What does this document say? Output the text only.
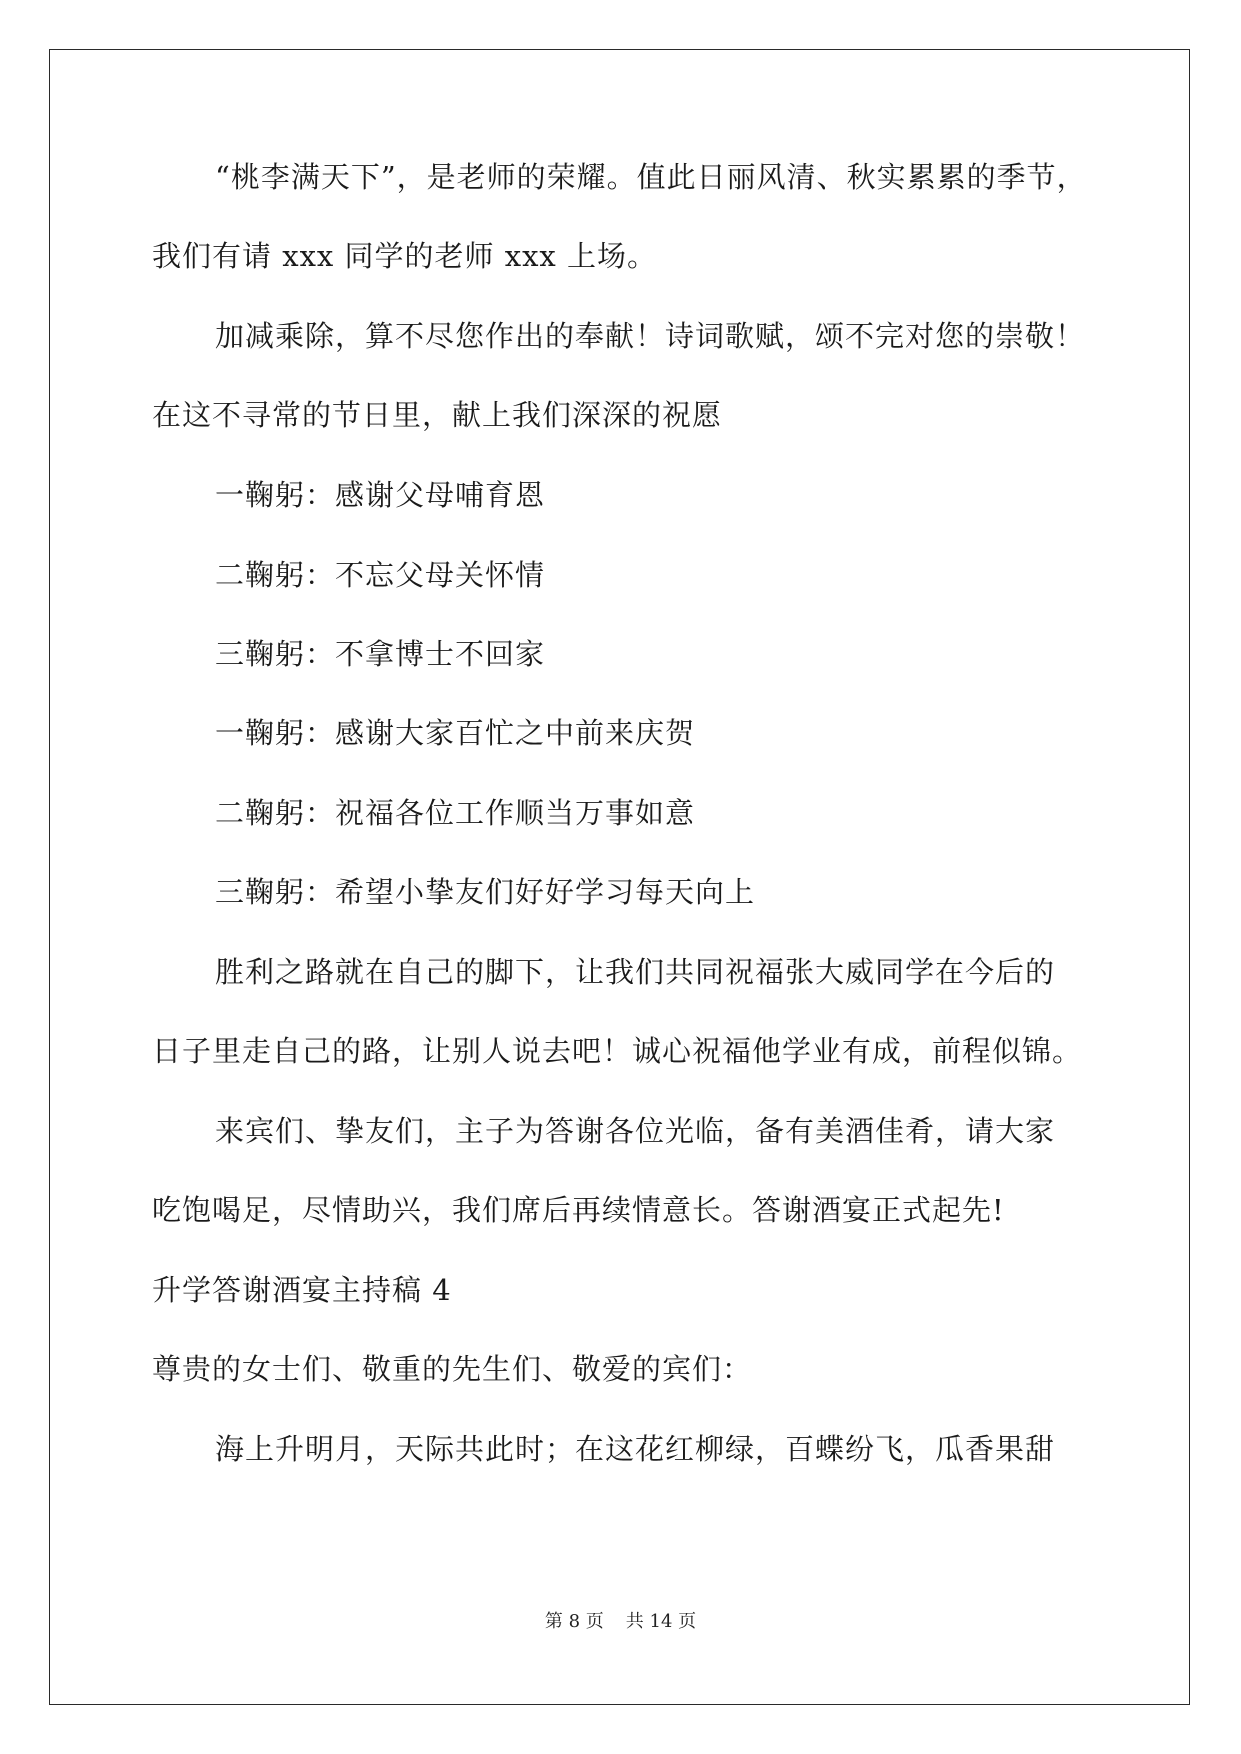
“桃李满天下”，是老师的荣耀。值此日丽风清、秋实累累的季节，
我们有请 xxx 同学的老师 xxx 上场。
加减乘除，算不尽您作出的奉献！诗词歌赋，颂不完对您的崇敬！
在这不寻常的节日里，献上我们深深的祝愿
一鞠躬：感谢父母哺育恩
二鞠躬：不忘父母关怀情
三鞠躬：不拿博士不回家
一鞠躬：感谢大家百忙之中前来庆贺
二鞠躬：祝福各位工作顺当万事如意
三鞠躬：希望小挚友们好好学习每天向上
胜利之路就在自己的脚下，让我们共同祝福张大威同学在今后的
日子里走自己的路，让别人说去吧！诚心祝福他学业有成，前程似锦。
来宾们、挚友们，主子为答谢各位光临，备有美酒佳肴，请大家
吃饱喝足，尽情助兴，我们席后再续情意长。答谢酒宴正式起先!
升学答谢酒宴主持稿 4
尊贵的女士们、敬重的先生们、敬爱的宾们：
海上升明月，天际共此时；在这花红柳绿，百蝶纷飞，瓜香果甜
第 8 页 共 14 页
